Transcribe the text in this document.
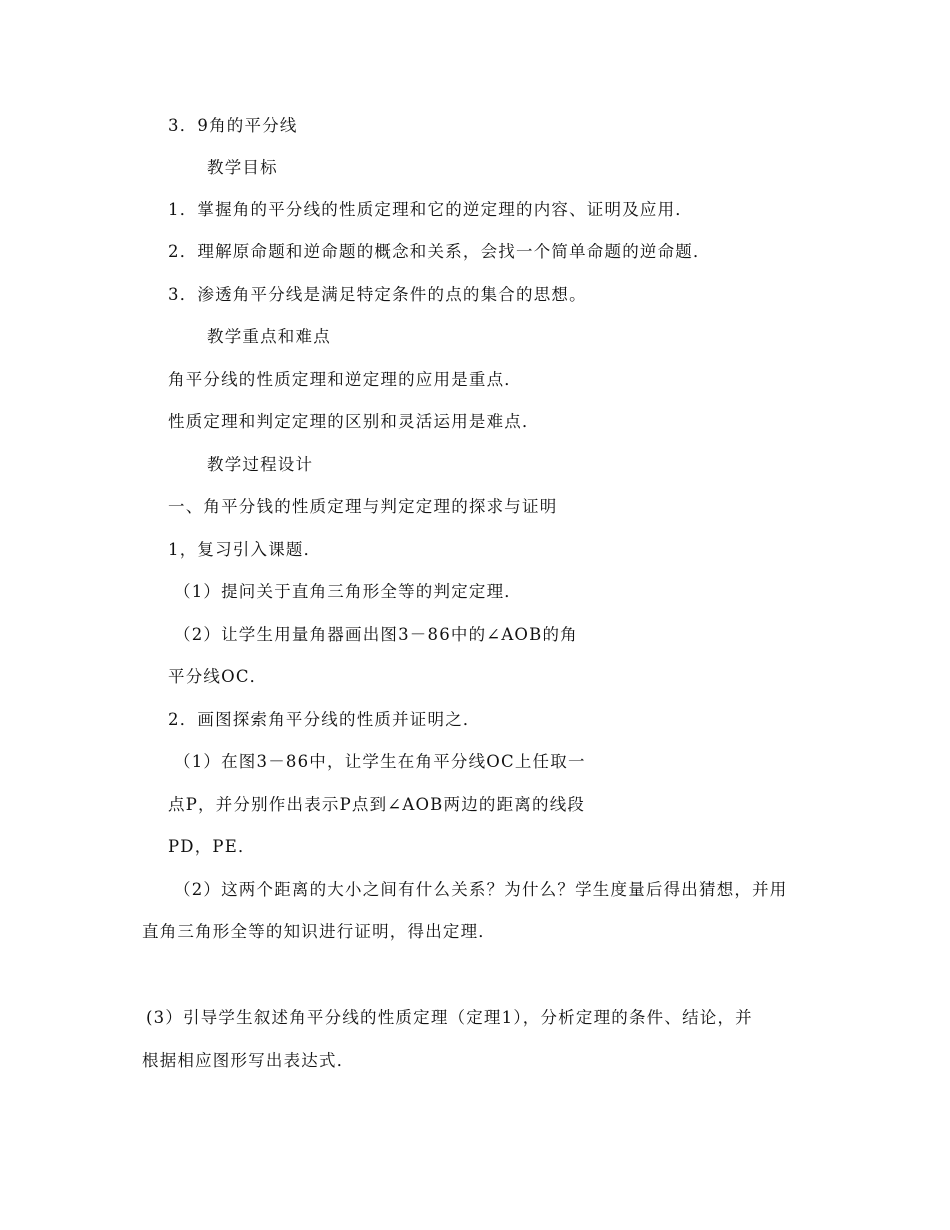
3．9角的平分线
教学目标
1．掌握角的平分线的性质定理和它的逆定理的内容、证明及应用．
2．理解原命题和逆命题的概念和关系，会找一个简单命题的逆命题．
3．渗透角平分线是满足特定条件的点的集合的思想。
教学重点和难点
角平分线的性质定理和逆定理的应用是重点．
性质定理和判定定理的区别和灵活运用是难点．
教学过程设计
一、角平分钱的性质定理与判定定理的探求与证明
1，复习引入课题．
（1）提问关于直角三角形全等的判定定理．
（2）让学生用量角器画出图3－86中的∠AOB的角
平分线OC．
2．画图探索角平分线的性质并证明之．
（1）在图3－86中，让学生在角平分线OC上任取一
点P，并分别作出表示P点到∠AOB两边的距离的线段
PD，PE．
（2）这两个距离的大小之间有什么关系？为什么？学生度量后得出猜想，并用
直角三角形全等的知识进行证明，得出定理．
(3）引导学生叙述角平分线的性质定理（定理1），分析定理的条件、结论，并
根据相应图形写出表达式．
